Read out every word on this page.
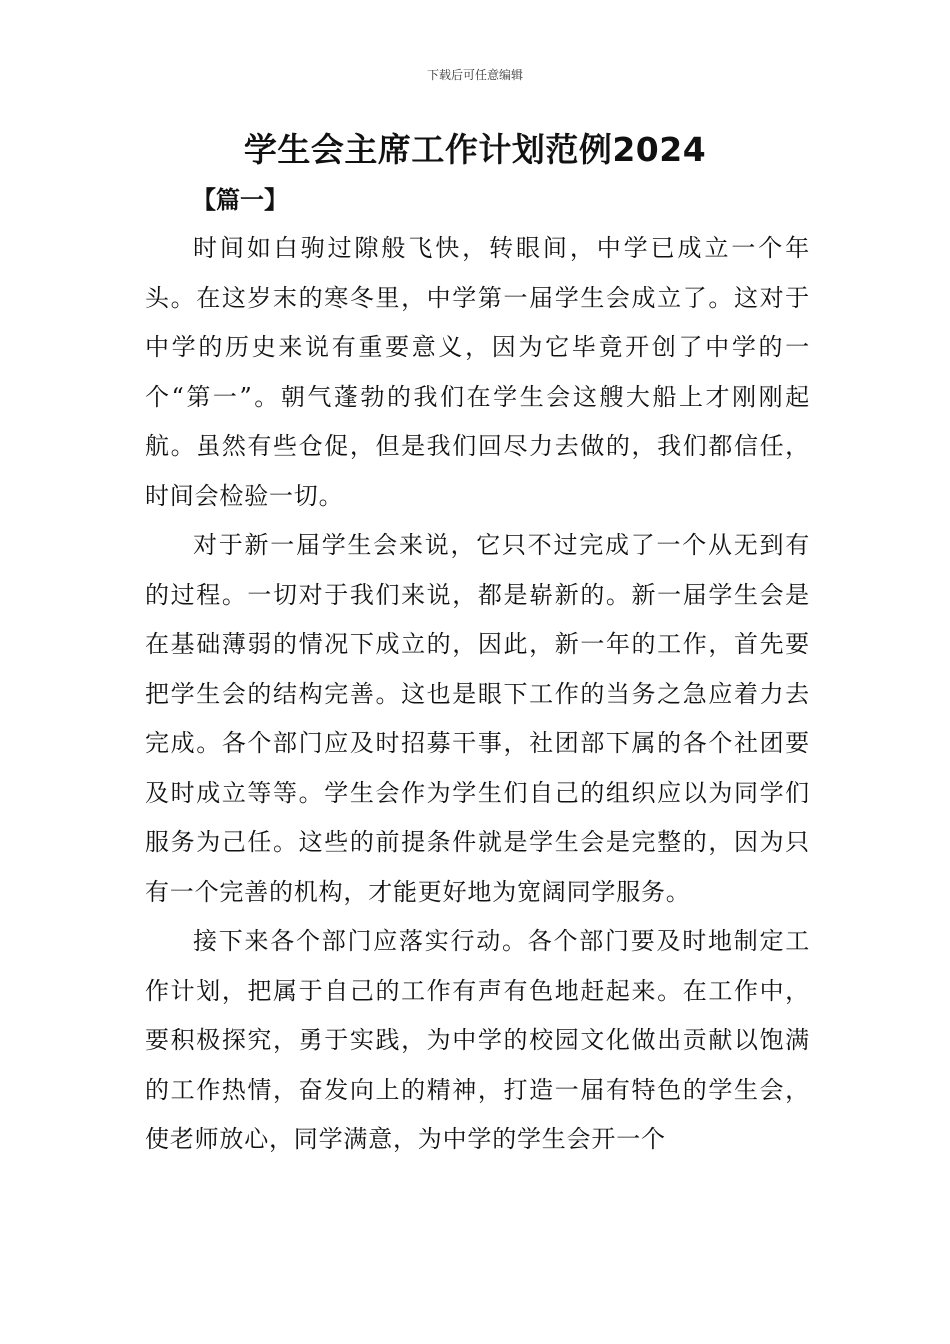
下载后可任意编辑
学生会主席工作计划范例2024
【篇一】

时间如白驹过隙般飞快，转眼间，中学已成立一个年头。在这岁末的寒冬里，中学第一届学生会成立了。这对于中学的历史来说有重要意义，因为它毕竟开创了中学的一个“第一”。朝气蓬勃的我们在学生会这艘大船上才刚刚起航。虽然有些仓促，但是我们回尽力去做的，我们都信任，时间会检验一切。

对于新一届学生会来说，它只不过完成了一个从无到有的过程。一切对于我们来说，都是崭新的。新一届学生会是在基础薄弱的情况下成立的，因此，新一年的工作，首先要把学生会的结构完善。这也是眼下工作的当务之急应着力去完成。各个部门应及时招募干事，社团部下属的各个社团要及时成立等等。学生会作为学生们自己的组织应以为同学们服务为己任。这些的前提条件就是学生会是完整的，因为只有一个完善的机构，才能更好地为宽阔同学服务。

接下来各个部门应落实行动。各个部门要及时地制定工作计划，把属于自己的工作有声有色地赶起来。在工作中，要积极探究，勇于实践，为中学的校园文化做出贡献以饱满的工作热情，奋发向上的精神，打造一届有特色的学生会，使老师放心，同学满意，为中学的学生会开一个
